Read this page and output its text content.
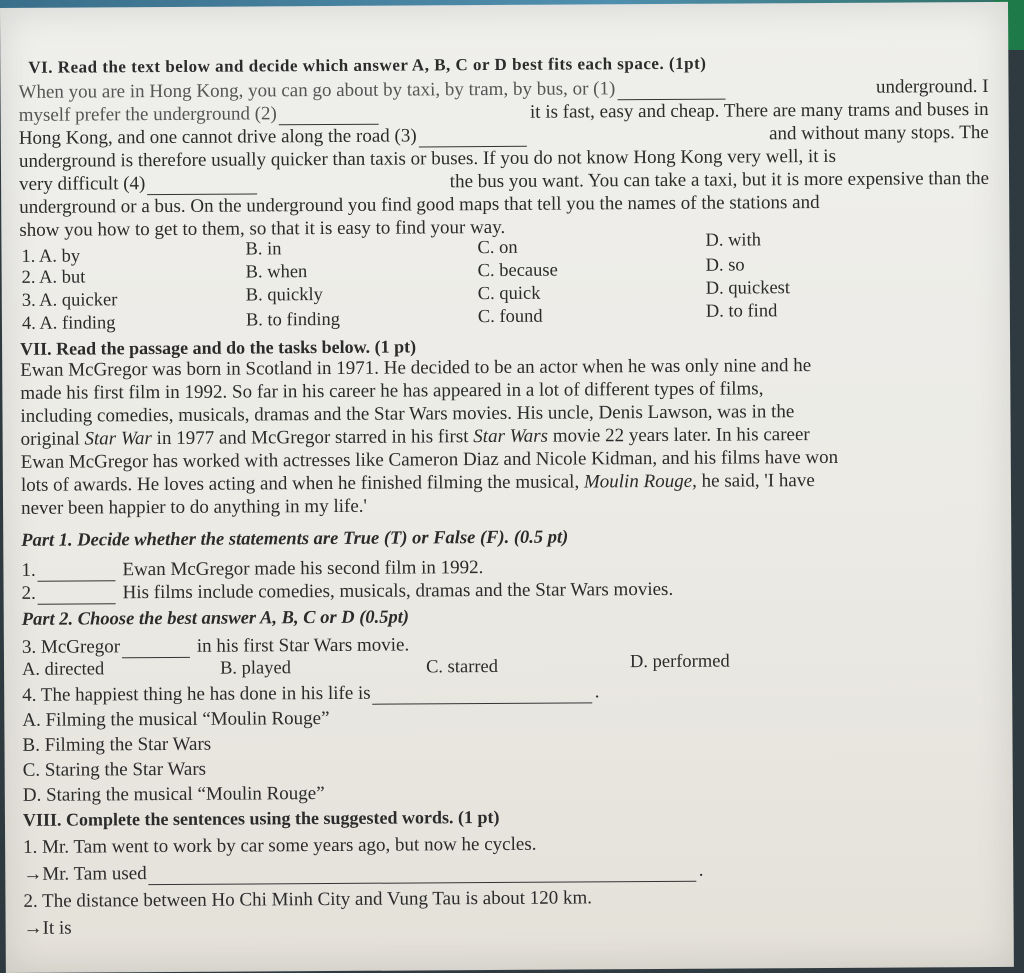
VI. Read the text below and decide which answer A, B, C or D best fits each space. (1pt)
When you are in Hong Kong, you can go about by taxi, by tram, by bus, or (1)	underground. I
myself prefer the underground (2)	it is fast, easy and cheap. There are many trams and buses in
Hong Kong, and one cannot drive along the road (3)	and without many stops. The
underground is therefore usually quicker than taxis or buses. If you do not know Hong Kong very well, it is
very difficult (4)	the bus you want. You can take a taxi, but it is more expensive than the
underground or a bus. On the underground you find good maps that tell you the names of the stations and
show you how to get to them, so that it is easy to find your way.
1. A. by	B. in	C. on	D. with
2. A. but	B. when	C. because	D. so
3. A. quicker	B. quickly	C. quick	D. quickest
4. A. finding	B. to finding	C. found	D. to find
VII. Read the passage and do the tasks below. (1 pt)
Ewan McGregor was born in Scotland in 1971. He decided to be an actor when he was only nine and he
made his first film in 1992. So far in his career he has appeared in a lot of different types of films,
including comedies, musicals, dramas and the Star Wars movies. His uncle, Denis Lawson, was in the
original Star War in 1977 and McGregor starred in his first Star Wars movie 22 years later. In his career
Ewan McGregor has worked with actresses like Cameron Diaz and Nicole Kidman, and his films have won
lots of awards. He loves acting and when he finished filming the musical, Moulin Rouge, he said, 'I have
never been happier to do anything in my life.'
Part 1. Decide whether the statements are True (T) or False (F). (0.5 pt)
1.	Ewan McGregor made his second film in 1992.
2.	His films include comedies, musicals, dramas and the Star Wars movies.
Part 2. Choose the best answer A, B, C or D (0.5pt)
3. McGregor	in his first Star Wars movie.
A. directed	B. played	C. starred	D. performed
4. The happiest thing he has done in his life is	.
A. Filming the musical “Moulin Rouge”
B. Filming the Star Wars
C. Staring the Star Wars
D. Staring the musical “Moulin Rouge”
VIII. Complete the sentences using the suggested words. (1 pt)
1. Mr. Tam went to work by car some years ago, but now he cycles.
→Mr. Tam used	.
2. The distance between Ho Chi Minh City and Vung Tau is about 120 km.
→It is
